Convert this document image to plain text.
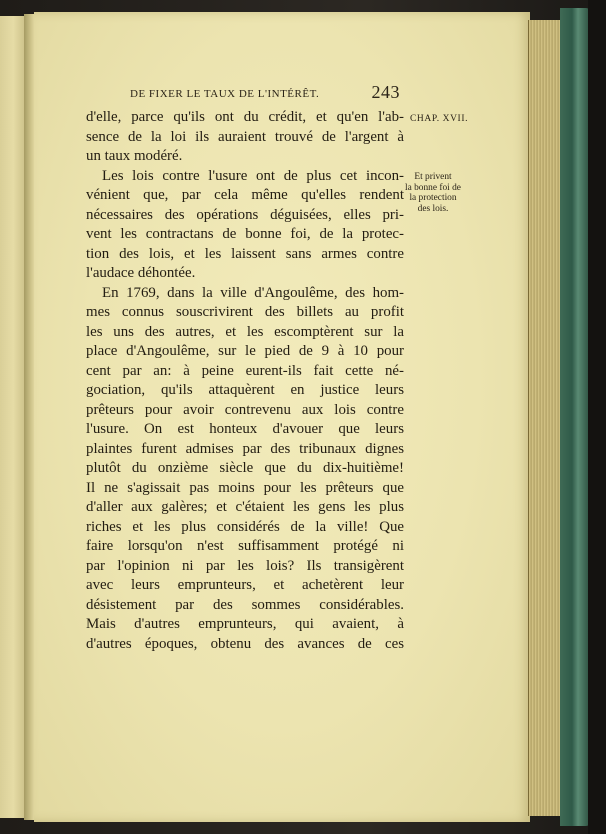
DE FIXER LE TAUX DE L'INTÉRÊT.	243
CHAP. XVII.
Et privent
la bonne foi de
la protection
des lois.
d'elle, parce qu'ils ont du crédit, et qu'en l'ab-
sence de la loi ils auraient trouvé de l'argent à
un taux modéré.
Les lois contre l'usure ont de plus cet incon-
vénient que, par cela même qu'elles rendent
nécessaires des opérations déguisées, elles pri-
vent les contractans de bonne foi, de la protec-
tion des lois, et les laissent sans armes contre
l'audace déhontée.
En 1769, dans la ville d'Angoulême, des hom-
mes connus souscrivirent des billets au profit
les uns des autres, et les escomptèrent sur la
place d'Angoulême, sur le pied de 9 à 10 pour
cent par an: à peine eurent-ils fait cette né-
gociation, qu'ils attaquèrent en justice leurs
prêteurs pour avoir contrevenu aux lois contre
l'usure. On est honteux d'avouer que leurs
plaintes furent admises par des tribunaux dignes
plutôt du onzième siècle que du dix-huitième!
Il ne s'agissait pas moins pour les prêteurs que
d'aller aux galères; et c'étaient les gens les plus
riches et les plus considérés de la ville! Que
faire lorsqu'on n'est suffisamment protégé ni
par l'opinion ni par les lois? Ils transigèrent
avec leurs emprunteurs, et achetèrent leur
désistement par des sommes considérables.
Mais d'autres emprunteurs, qui avaient, à
d'autres époques, obtenu des avances de ces
